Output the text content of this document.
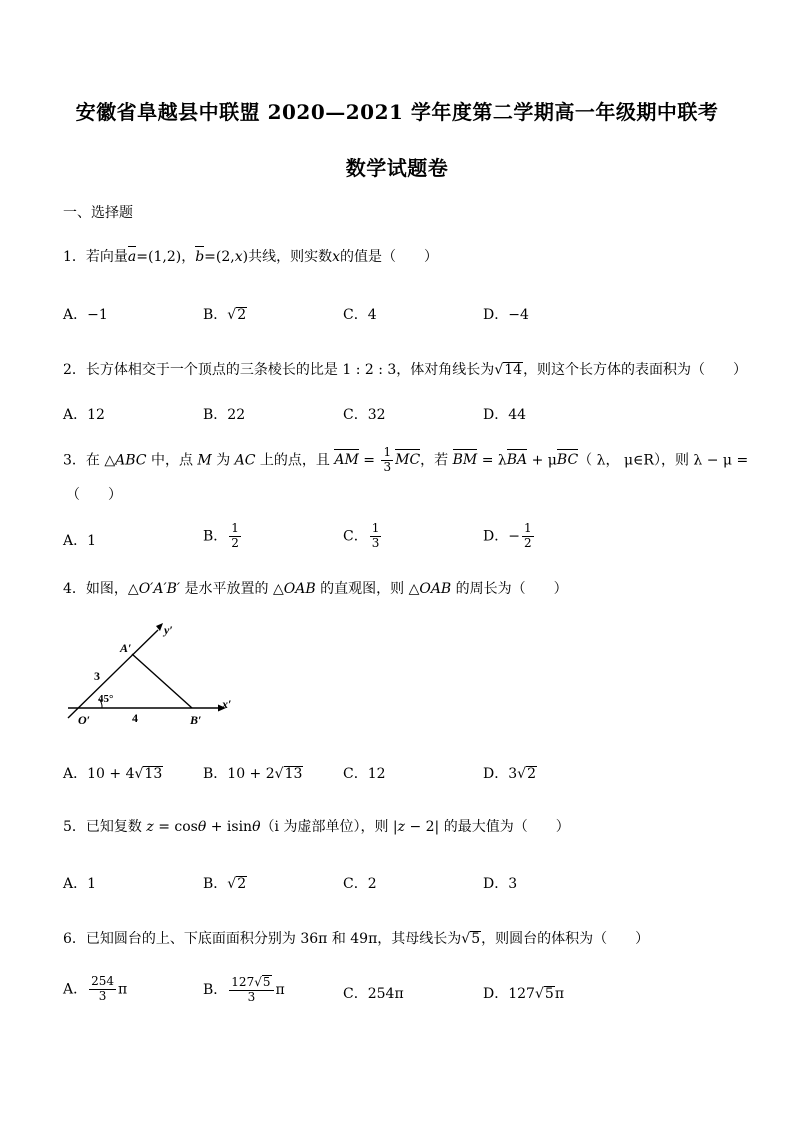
安徽省阜越县中联盟 2020—2021 学年度第二学期高一年级期中联考
数学试题卷
一、选择题
1．若向量a=(1,2)，b=(2,x)共线，则实数x的值是（　　）
A．−1	B．√2	C．4	D．−4
2．长方体相交于一个顶点的三条棱长的比是 1 : 2 : 3，体对角线长为√14，则这个长方体的表面积为（　　）
A．12	B．22	C．32	D．44
3．在 △ABC 中，点 M 为 AC 上的点，且 AM = $\frac{1}{3}$ MC，若 BM = λBA + μBC（ λ， μ∈R），则 λ − μ =
（　　）
A．1	B． $\frac{1}{2}$	C． $\frac{1}{3}$	D．− $\frac{1}{2}$
4．如图，△O′A′B′ 是水平放置的 △OAB 的直观图，则 △OAB 的周长为（　　）
y′
x′
A′
O′	B′
3
4
45°
A．10 + 4√13	B．10 + 2√13	C．12	D．3√2
5．已知复数 z = cosθ + isinθ（i 为虚部单位），则 |z − 2| 的最大值为（　　）
A．1	B．√2	C．2	D．3
6．已知圆台的上、下底面面积分别为 36π 和 49π，其母线长为√5，则圆台的体积为（　　）
A． $\frac{254}{3}$ π	B． $\frac{127√5}{3}$ π	C．254π	D．127√5π
